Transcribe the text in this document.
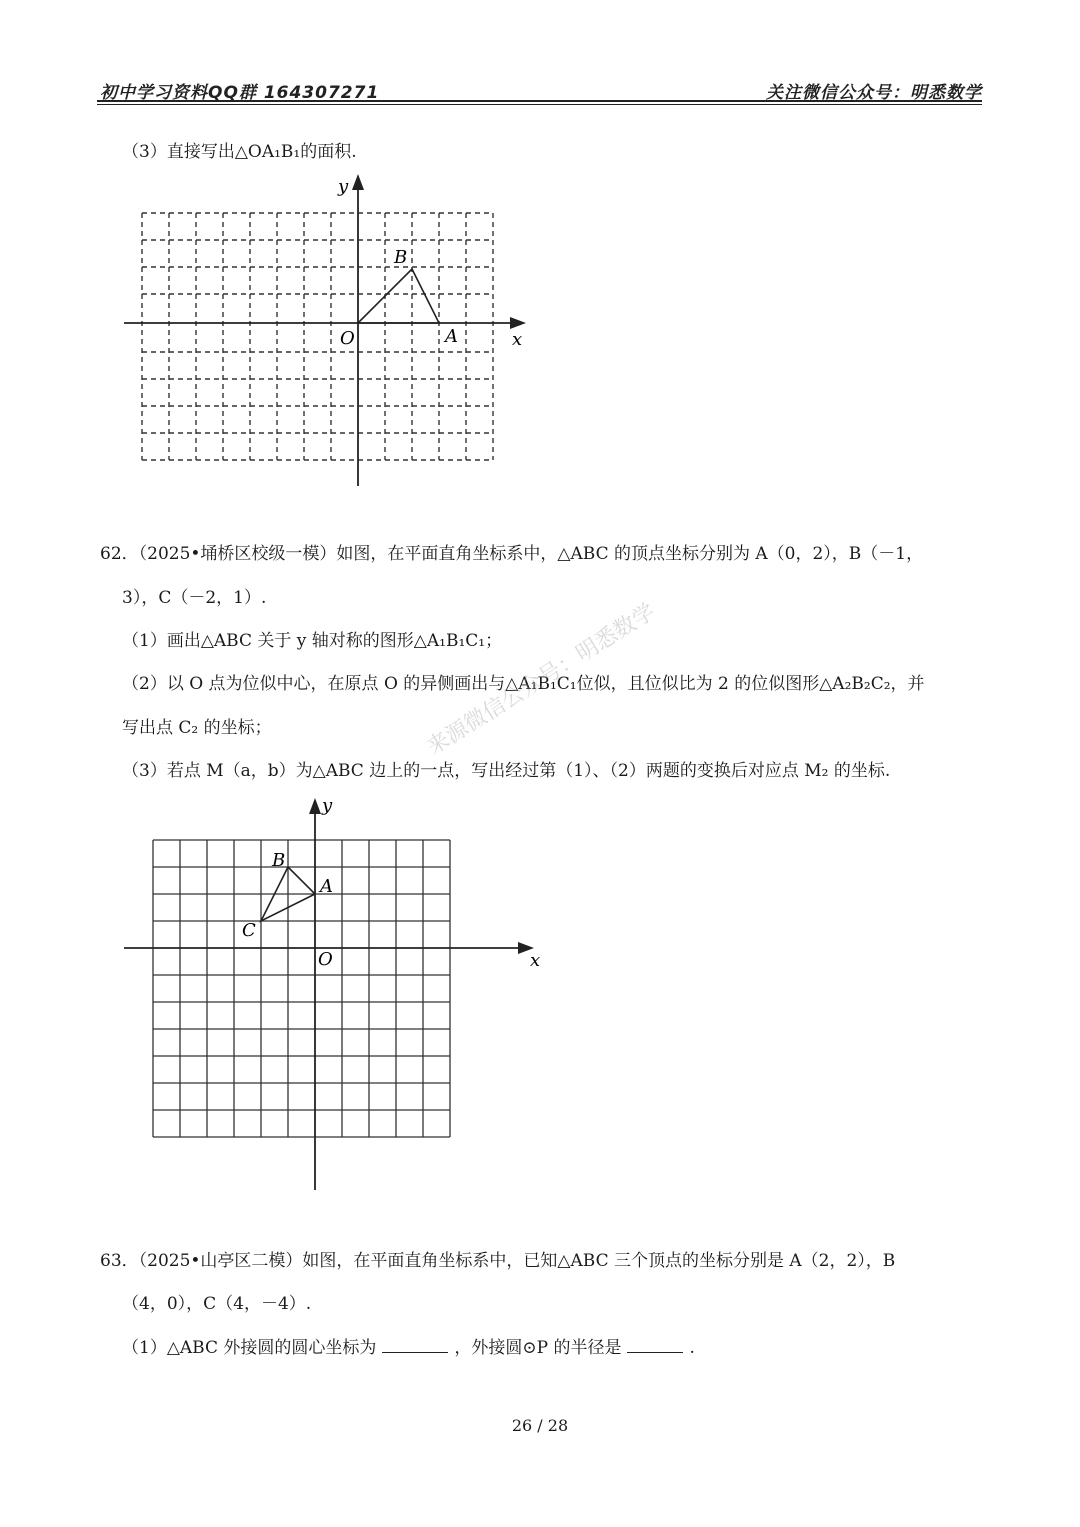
初中学习资料QQ群 164307271	关注微信公众号：明悉数学
（3）直接写出△OA₁B₁的面积.
y
x
O	A
B
62．（2025•埇桥区校级一模）如图，在平面直角坐标系中，△ABC 的顶点坐标分别为 A（0，2），B（－1，
3），C（－2，1）.
（1）画出△ABC 关于 y 轴对称的图形△A₁B₁C₁；
（2）以 O 点为位似中心，在原点 O 的异侧画出与△A₁B₁C₁位似，且位似比为 2 的位似图形△A₂B₂C₂，并
写出点 C₂ 的坐标；
（3）若点 M（a，b）为△ABC 边上的一点，写出经过第（1）、（2）两题的变换后对应点 M₂ 的坐标.
来源微信公众号：明悉数学
y
x
O
A
B
C
63．（2025•山亭区二模）如图，在平面直角坐标系中，已知△ABC 三个顶点的坐标分别是 A（2，2），B
（4，0），C（4，－4）.
（1）△ABC 外接圆的圆心坐标为	，外接圆⊙P 的半径是	.
26 / 28
